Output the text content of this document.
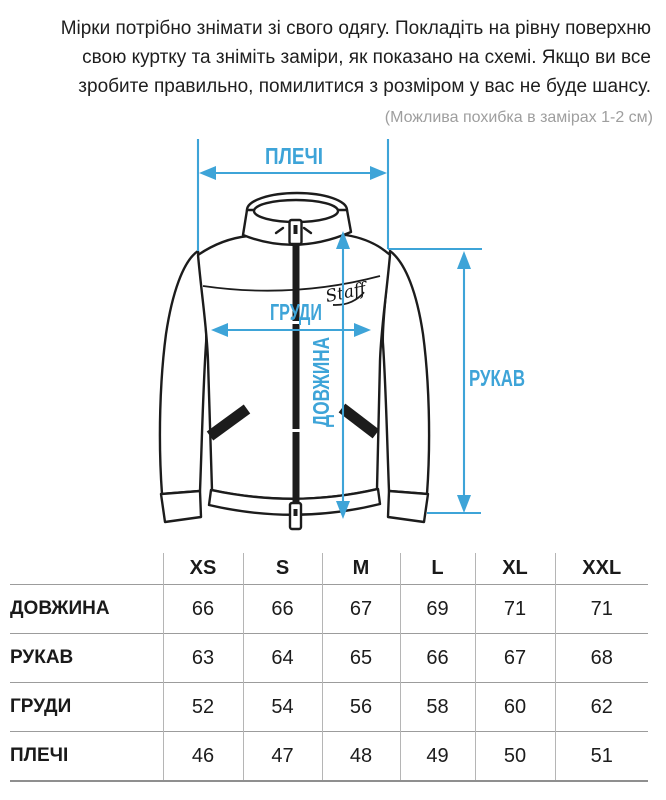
Мірки потрібно знімати зі свого одягу. Покладіть на рівну поверхню
свою куртку та зніміть заміри, як показано на схемі. Якщо ви все
зробите правильно, помилитися з розміром у вас не буде шансу.
(Можлива похибка в замірах 1-2 см)
Staff
ПЛЕЧІ
ГРУДИ
ДОВЖИНА	РУКАВ
	XS	S	M	L	XL	XXL
ДОВЖИНА	66	66	67	69	71	71
РУКАВ	63	64	65	66	67	68
ГРУДИ	52	54	56	58	60	62
ПЛЕЧІ	46	47	48	49	50	51
